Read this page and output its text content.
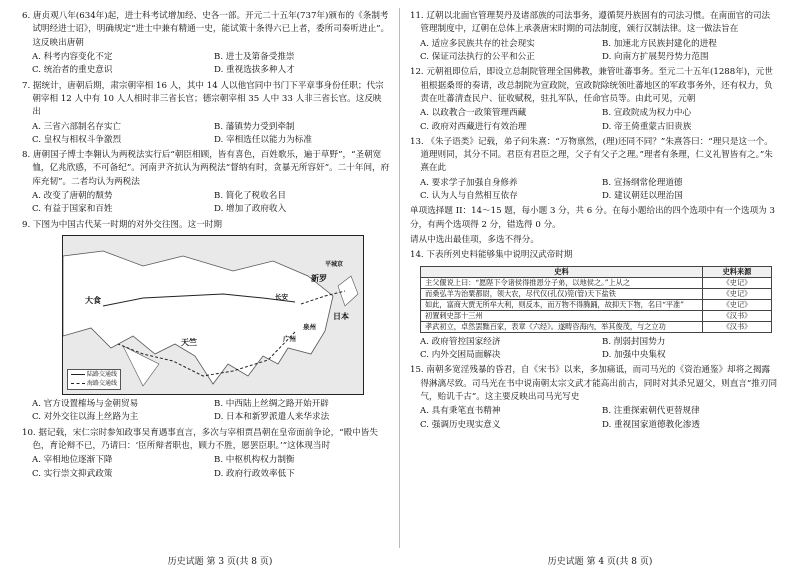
6. 唐贞观八年(634年)起，进士科考试增加经、史各一部。开元二十五年(737年)颁布的《条制考试明经进士诏》，明确规定“进士中兼有精通一史，能试策十条得六已上者，委所司奏听进止”。这反映出唐朝

A. 科考内容变化不定	B. 进士及第备受推崇
C. 统治者的重史意识	D. 重视选拔多种人才

7. 据统计，唐朝后期，肃宗朝宰相 16 人，其中 14 人以他官同中书门下平章事身份任职；代宗朝宰相 12 人中有 10 人人相时非三省长官；德宗朝宰相 35 人中 33 人非三省长官。这反映出

A. 三省六部制名存实亡	B. 藩镇势力受到牵制
C. 皇权与相权斗争激烈	D. 宰相选任以能力为标准

8. 唐朝国子博士李翱认为两税法实行后“朝臣相顾，皆有喜色，百姓歌乐，遍于草野”，“圣朝宽恤，亿兆欣感，不可备纪”。河南尹齐抗认为两税法“督纳有时，贪暴无所容奸”。二十年间，府库充韧”。二者均认为两税法

A. 改变了唐朝的颓势	B. 简化了税收名目
C. 有益于国家和百姓	D. 增加了政府收入

9. 下图为中国古代某一时期的对外交往图。这一时期

大食
天竺
新罗
日本
平城京
长安
广州
泉州
陆路交通线
海路交通线
A. 官方设置榷场与金朝贸易	B. 中西陆上丝绸之路开始开辟
C. 对外交往以海上丝路为主	D. 日本和新罗派遣人来华求法

10. 据记载，宋仁宗时参知政事吴育遇事直言，多次与宰相贾昌朝在皇帝面前争论，“殿中皆失色，育论辩不已，乃请曰：‘臣所辩者职也，顾力不胜，愿罢臣职。’”这体现当时

A. 宰相地位逐渐下降	B. 中枢机构权力制衡
C. 实行崇文抑武政策	D. 政府行政效率低下

11. 辽朝以北面官管理契丹及诸部族的司法事务，遵循契丹族固有的司法习惯。在南面官的司法管理制度中，辽朝在总体上承袭唐宋时期的司法制度，颁行汉制法律。这一做法旨在

A. 适应多民族共存的社会现实	B. 加速北方民族封建化的进程
C. 保证司法执行的公平和公正	D. 向南方扩展契丹势力范围

12. 元朝祖即位后，即设立总制院管理全国佛教，兼管吐蕃事务。至元二十五年(1288年)，元世祖根据桑哥的奏请，改总制院为宣政院，宣政院除统领吐蕃地区的军政事务外，还有权力，负责在吐蕃清查民户、征收赋税，驻扎军队，任命官员等。由此可见，元朝

A. 以政教合一政策管理西藏	B. 宣政院成为权力中心
C. 政府对西藏进行有效治理	D. 帝王倚重蒙古旧贵族

13. 《朱子语类》记载，弟子问朱熹：“万物禀然，(理)还同不同？”朱熹答曰：“理只是这一个。道理则同，其分不同。君臣有君臣之理，父子有父子之理。”理者有条理，仁义礼智皆有之。”朱熹在此

A. 要求学子加强自身修养	B. 宣扬纲常伦理道德
C. 认为人与自然相互依存	D. 建议朝廷以理治国

单项选择题 II：14～15 题，每小题 3 分，共 6 分。在每小题给出的四个选项中有一个选项为 3 分，有两个选项得 2 分，错选得 0 分。

请从中选出最佳项，多选不得分。

14. 下表所列史料能够集中说明汉武帝时期

史料	史料来源
主父偃说上曰：“愿陛下令诸侯得推恩分子弟，以地侯之。”上从之	《史记》
而桑弘羊为治粟都尉，领大农，尽代仅(孔仅)筦(管)天下盐铁	《史记》
如此，富商大贾无所牟大利，则反本，而万物不得腾踊，故抑天下物，名曰“平准”	《史记》
初置刺史部十三州	《汉书》
孝武初立，卓然罢黜百家，表章《六经》。遂畴咨海内，举其俊茂，与之立功	《汉书》
A. 政府管控国家经济	B. 削弱封国势力
C. 内外交困局面解决	D. 加强中央集权

15. 南朝多宽淫残暴的昏君，自《宋书》以来，多加痛诋，而司马光的《资治通鉴》却将之揭露得淋漓尽致。司马光在书中说南朝太宗文武才能高出前古，同时对其杀兄逼父，则直言“推刃同气，贻讥千古”。这主要反映出司马光写史

A. 具有秉笔直书精神	B. 注重探索朝代更替规律
C. 强调历史现实意义	D. 重视国家道德教化渗透
历史试题 第 3 页(共 8 页)	历史试题 第 4 页(共 8 页)
